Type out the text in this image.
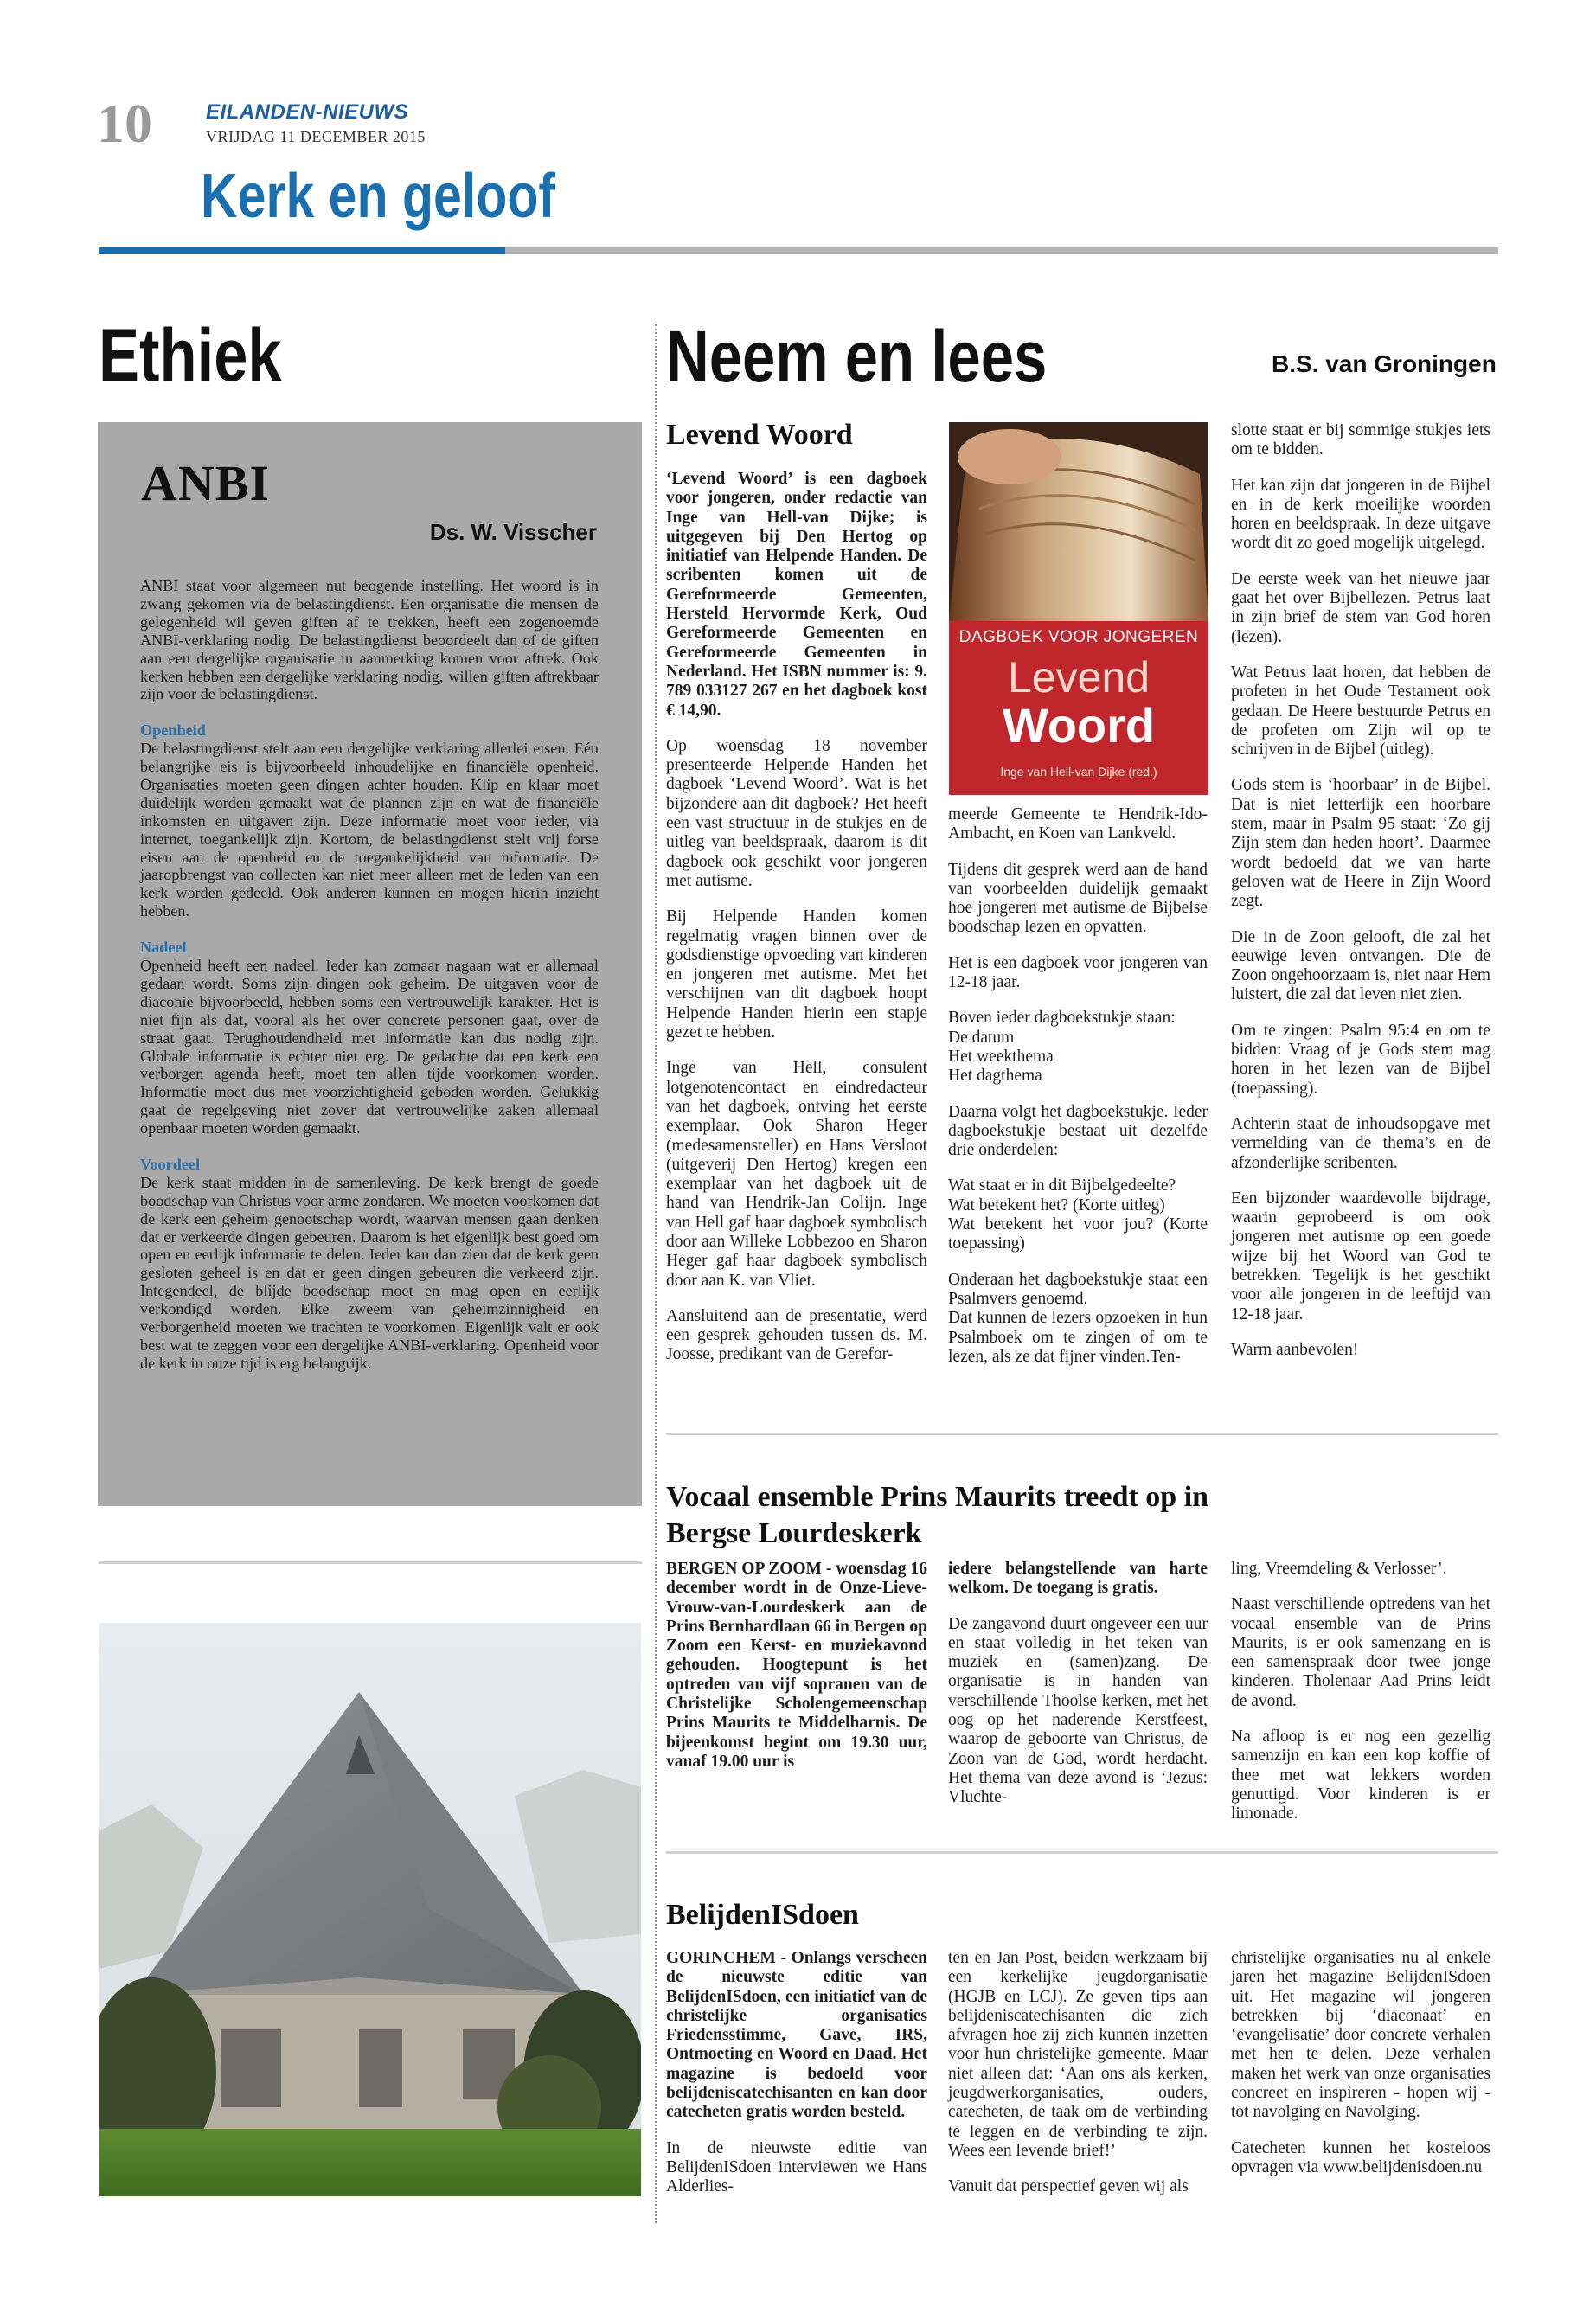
10	EILANDEN-NIEUWS
VRIJDAG 11 DECEMBER 2015
Kerk en geloof
Ethiek
ANBI
Ds. W. Visscher

ANBI staat voor algemeen nut beogende instelling. Het woord is in zwang gekomen via de belastingdienst. Een organisatie die mensen de gelegenheid wil geven giften af te trekken, heeft een zogenoemde ANBI-verklaring nodig. De belastingdienst beoordeelt dan of de giften aan een dergelijke organisatie in aanmerking komen voor aftrek. Ook kerken hebben een dergelijke verklaring nodig, willen giften aftrekbaar zijn voor de belastingdienst.

Openheid

De belastingdienst stelt aan een dergelijke verklaring allerlei eisen. Eén belangrijke eis is bijvoorbeeld inhoudelijke en financiële openheid. Organisaties moeten geen dingen achter houden. Klip en klaar moet duidelijk worden gemaakt wat de plannen zijn en wat de financiële inkomsten en uitgaven zijn. Deze informatie moet voor ieder, via internet, toegankelijk zijn. Kortom, de belastingdienst stelt vrij forse eisen aan de openheid en de toegankelijkheid van informatie. De jaaropbrengst van collecten kan niet meer alleen met de leden van een kerk worden gedeeld. Ook anderen kunnen en mogen hierin inzicht hebben.

Nadeel

Openheid heeft een nadeel. Ieder kan zomaar nagaan wat er allemaal gedaan wordt. Soms zijn dingen ook geheim. De uitgaven voor de diaconie bijvoorbeeld, hebben soms een vertrouwelijk karakter. Het is niet fijn als dat, vooral als het over concrete personen gaat, over de straat gaat. Terughoudendheid met informatie kan dus nodig zijn. Globale informatie is echter niet erg. De gedachte dat een kerk een verborgen agenda heeft, moet ten allen tijde voorkomen worden. Informatie moet dus met voorzichtigheid geboden worden. Gelukkig gaat de regelgeving niet zover dat vertrouwelijke zaken allemaal openbaar moeten worden gemaakt.

Voordeel

De kerk staat midden in de samenleving. De kerk brengt de goede boodschap van Christus voor arme zondaren. We moeten voorkomen dat de kerk een geheim genootschap wordt, waarvan mensen gaan denken dat er verkeerde dingen gebeuren. Daarom is het eigenlijk best goed om open en eerlijk informatie te delen. Ieder kan dan zien dat de kerk geen gesloten geheel is en dat er geen dingen gebeuren die verkeerd zijn. Integendeel, de blijde boodschap moet en mag open en eerlijk verkondigd worden. Elke zweem van geheimzinnigheid en verborgenheid moeten we trachten te voorkomen. Eigenlijk valt er ook best wat te zeggen voor een dergelijke ANBI-verklaring. Openheid voor de kerk in onze tijd is erg belangrijk.

Neem en lees	B.S. van Groningen
Levend Woord

‘Levend Woord’ is een dagboek voor jongeren, onder redactie van Inge van Hell-van Dijke; is uitgegeven bij Den Hertog op initiatief van Helpende Handen. De scribenten komen uit de Gereformeerde Gemeenten, Hersteld Hervormde Kerk, Oud Gereformeerde Gemeenten en Gereformeerde Gemeenten in Nederland. Het ISBN nummer is: 9. 789 033127 267 en het dagboek kost € 14,90.

Op woensdag 18 november presenteerde Helpende Handen het dagboek ‘Levend Woord’. Wat is het bijzondere aan dit dagboek? Het heeft een vast structuur in de stukjes en de uitleg van beeldspraak, daarom is dit dagboek ook geschikt voor jongeren met autisme.

Bij Helpende Handen komen regelmatig vragen binnen over de godsdienstige opvoeding van kinderen en jongeren met autisme. Met het verschijnen van dit dagboek hoopt Helpende Handen hierin een stapje gezet te hebben.

Inge van Hell, consulent lotgenotencontact en eindredacteur van het dagboek, ontving het eerste exemplaar. Ook Sharon Heger (medesamensteller) en Hans Versloot (uitgeverij Den Hertog) kregen een exemplaar van het dagboek uit de hand van Hendrik-Jan Colijn. Inge van Hell gaf haar dagboek symbolisch door aan Willeke Lobbezoo en Sharon Heger gaf haar dagboek symbolisch door aan K. van Vliet.

Aansluitend aan de presentatie, werd een gesprek gehouden tussen ds. M. Joosse, predikant van de Gerefor-

DAGBOEK VOOR JONGEREN
Levend
Woord
Inge van Hell-van Dijke (red.)

meerde Gemeente te Hendrik-Ido-Ambacht, en Koen van Lankveld.

Tijdens dit gesprek werd aan de hand van voorbeelden duidelijk gemaakt hoe jongeren met autisme de Bijbelse boodschap lezen en opvatten.

Het is een dagboek voor jongeren van 12-18 jaar.

Boven ieder dagboekstukje staan:
De datum
Het weekthema
Het dagthema

Daarna volgt het dagboekstukje. Ieder dagboekstukje bestaat uit dezelfde drie onderdelen:

Wat staat er in dit Bijbelgedeelte?
Wat betekent het? (Korte uitleg)
Wat betekent het voor jou? (Korte toepassing)

Onderaan het dagboekstukje staat een Psalmvers genoemd.
Dat kunnen de lezers opzoeken in hun Psalmboek om te zingen of om te lezen, als ze dat fijner vinden.Ten-

slotte staat er bij sommige stukjes iets om te bidden.

Het kan zijn dat jongeren in de Bijbel en in de kerk moeilijke woorden horen en beeldspraak. In deze uitgave wordt dit zo goed mogelijk uitgelegd.

De eerste week van het nieuwe jaar gaat het over Bijbellezen. Petrus laat in zijn brief de stem van God horen (lezen).

Wat Petrus laat horen, dat hebben de profeten in het Oude Testament ook gedaan. De Heere bestuurde Petrus en de profeten om Zijn wil op te schrijven in de Bijbel (uitleg).

Gods stem is ‘hoorbaar’ in de Bijbel. Dat is niet letterlijk een hoorbare stem, maar in Psalm 95 staat: ‘Zo gij Zijn stem dan heden hoort’. Daarmee wordt bedoeld dat we van harte geloven wat de Heere in Zijn Woord zegt.

Die in de Zoon gelooft, die zal het eeuwige leven ontvangen. Die de Zoon ongehoorzaam is, niet naar Hem luistert, die zal dat leven niet zien.

Om te zingen: Psalm 95:4 en om te bidden: Vraag of je Gods stem mag horen in het lezen van de Bijbel (toepassing).

Achterin staat de inhoudsopgave met vermelding van de thema’s en de afzonderlijke scribenten.

Een bijzonder waardevolle bijdrage, waarin geprobeerd is om ook jongeren met autisme op een goede wijze bij het Woord van God te betrekken. Tegelijk is het geschikt voor alle jongeren in de leeftijd van 12-18 jaar.

Warm aanbevolen!

Vocaal ensemble Prins Maurits treedt op in Bergse Lourdeskerk

BERGEN OP ZOOM - woensdag 16 december wordt in de Onze-Lieve-Vrouw-van-Lourdeskerk aan de Prins Bernhardlaan 66 in Bergen op Zoom een Kerst- en muziekavond gehouden. Hoogtepunt is het optreden van vijf sopranen van de Christelijke Scholengemeenschap Prins Maurits te Middelharnis. De bijeenkomst begint om 19.30 uur, vanaf 19.00 uur is

iedere belangstellende van harte welkom. De toegang is gratis.

De zangavond duurt ongeveer een uur en staat volledig in het teken van muziek en (samen)zang. De organisatie is in handen van verschillende Thoolse kerken, met het oog op het naderende Kerstfeest, waarop de geboorte van Christus, de Zoon van de God, wordt herdacht. Het thema van deze avond is ‘Jezus: Vluchte-

ling, Vreemdeling & Verlosser’.

Naast verschillende optredens van het vocaal ensemble van de Prins Maurits, is er ook samenzang en is een samenspraak door twee jonge kinderen. Tholenaar Aad Prins leidt de avond.

Na afloop is er nog een gezellig samenzijn en kan een kop koffie of thee met wat lekkers worden genuttigd. Voor kinderen is er limonade.

BelijdenISdoen

GORINCHEM - Onlangs verscheen de nieuwste editie van BelijdenISdoen, een initiatief van de christelijke organisaties Friedensstimme, Gave, IRS, Ontmoeting en Woord en Daad. Het magazine is bedoeld voor belijdeniscatechisanten en kan door catecheten gratis worden besteld.

In de nieuwste editie van BelijdenISdoen interviewen we Hans Alderlies-

ten en Jan Post, beiden werkzaam bij een kerkelijke jeugdorganisatie (HGJB en LCJ). Ze geven tips aan belijdeniscatechisanten die zich afvragen hoe zij zich kunnen inzetten voor hun christelijke gemeente. Maar niet alleen dat: ‘Aan ons als kerken, jeugdwerkorganisaties, ouders, catecheten, de taak om de verbinding te leggen en de verbinding te zijn. Wees een levende brief!’

Vanuit dat perspectief geven wij als

christelijke organisaties nu al enkele jaren het magazine BelijdenISdoen uit. Het magazine wil jongeren betrekken bij ‘diaconaat’ en ‘evangelisatie’ door concrete verhalen met hen te delen. Deze verhalen maken het werk van onze organisaties concreet en inspireren - hopen wij - tot navolging en Navolging.

Catecheten kunnen het kosteloos opvragen via www.belijdenisdoen.nu
